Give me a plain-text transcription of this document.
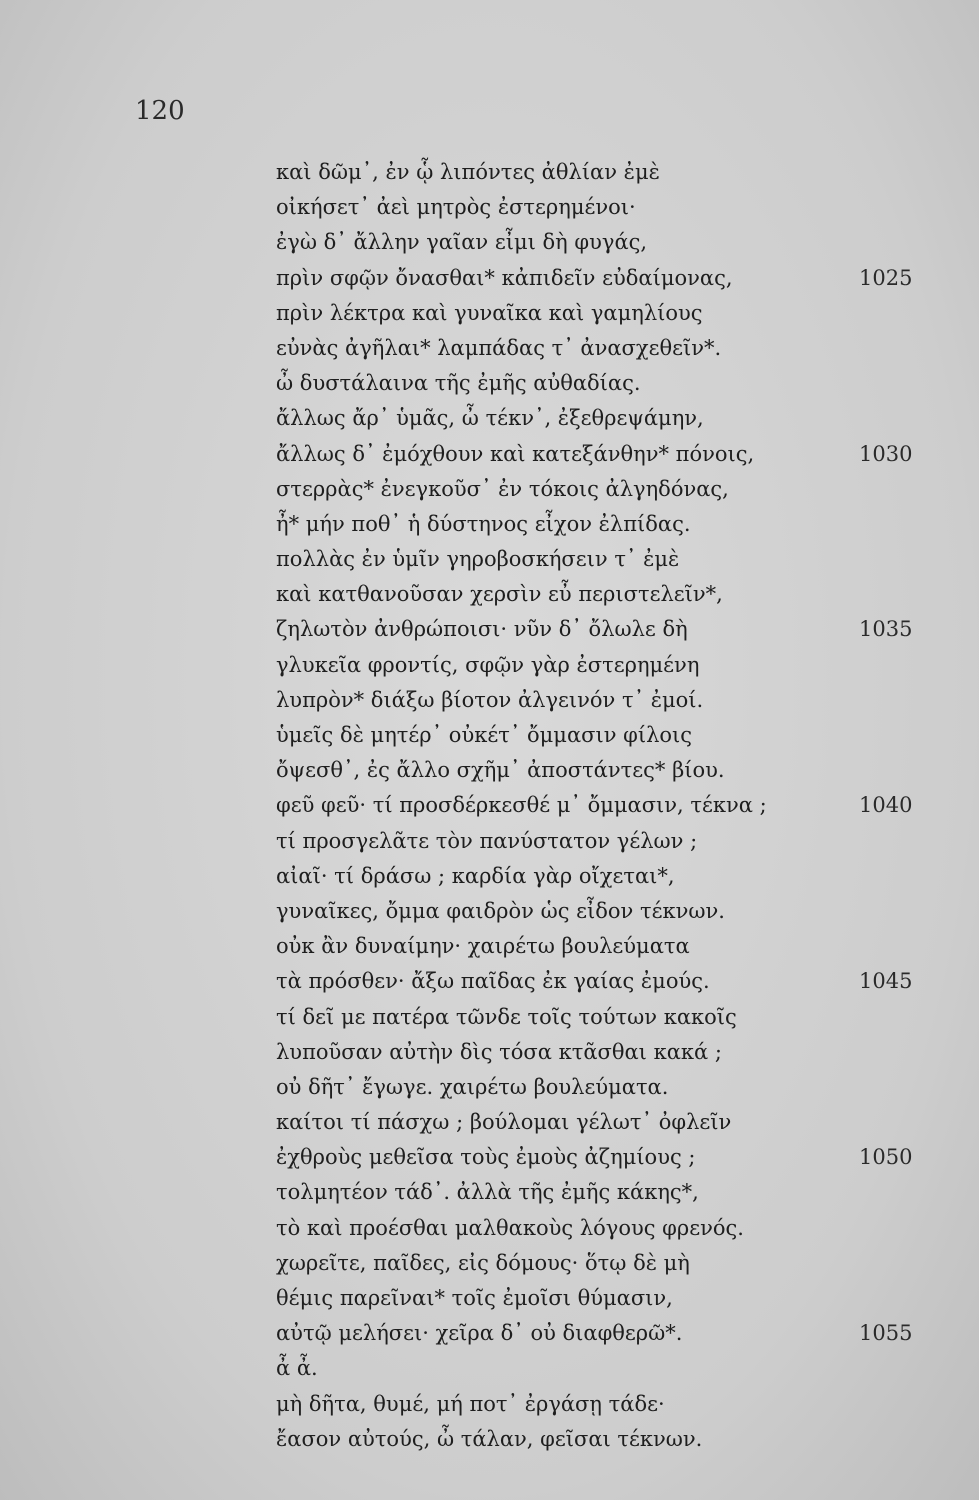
120
καὶ δῶμ᾽, ἐν ᾧ λιπόντες ἀθλίαν ἐμὲ
οἰκήσετ᾽ ἀεὶ μητρὸς ἐστερημένοι·
ἐγὼ δ᾽ ἄλλην γαῖαν εἶμι δὴ φυγάς,
πρὶν σφῷν ὄνασθαι* κἀπιδεῖν εὐδαίμονας,	1025
πρὶν λέκτρα καὶ γυναῖκα καὶ γαμηλίους
εὐνὰς ἀγῆλαι* λαμπάδας τ᾽ ἀνασχεθεῖν*.
ὦ δυστάλαινα τῆς ἐμῆς αὐθαδίας.
ἄλλως ἄρ᾽ ὑμᾶς, ὦ τέκν᾽, ἐξεθρεψάμην,
ἄλλως δ᾽ ἐμόχθουν καὶ κατεξάνθην* πόνοις,	1030
στερρὰς* ἐνεγκοῦσ᾽ ἐν τόκοις ἀλγηδόνας,
ἦ* μήν ποθ᾽ ἡ δύστηνος εἶχον ἐλπίδας.
πολλὰς ἐν ὑμῖν γηροβοσκήσειν τ᾽ ἐμὲ
καὶ κατθανοῦσαν χερσὶν εὖ περιστελεῖν*,
ζηλωτὸν ἀνθρώποισι· νῦν δ᾽ ὄλωλε δὴ	1035
γλυκεῖα φροντίς, σφῷν γὰρ ἐστερημένη
λυπρὸν* διάξω βίοτον ἀλγεινόν τ᾽ ἐμοί.
ὑμεῖς δὲ μητέρ᾽ οὐκέτ᾽ ὄμμασιν φίλοις
ὄψεσθ᾽, ἐς ἄλλο σχῆμ᾽ ἀποστάντες* βίου.
φεῦ φεῦ· τί προσδέρκεσθέ μ᾽ ὄμμασιν, τέκνα ;	1040
τί προσγελᾶτε τὸν πανύστατον γέλων ;
αἰαῖ· τί δράσω ; καρδία γὰρ οἴχεται*,
γυναῖκες, ὄμμα φαιδρὸν ὡς εἶδον τέκνων.
οὐκ ἂν δυναίμην· χαιρέτω βουλεύματα
τὰ πρόσθεν· ἄξω παῖδας ἐκ γαίας ἐμούς.	1045
τί δεῖ με πατέρα τῶνδε τοῖς τούτων κακοῖς
λυποῦσαν αὐτὴν δὶς τόσα κτᾶσθαι κακά ;
οὐ δῆτ᾽ ἔγωγε. χαιρέτω βουλεύματα.
καίτοι τί πάσχω ; βούλομαι γέλωτ᾽ ὀφλεῖν
ἐχθροὺς μεθεῖσα τοὺς ἐμοὺς ἀζημίους ;	1050
τολμητέον τάδ᾽. ἀλλὰ τῆς ἐμῆς κάκης*,
τὸ καὶ προέσθαι μαλθακοὺς λόγους φρενός.
χωρεῖτε, παῖδες, εἰς δόμους· ὅτῳ δὲ μὴ
θέμις παρεῖναι* τοῖς ἐμοῖσι θύμασιν,
αὐτῷ μελήσει· χεῖρα δ᾽ οὐ διαφθερῶ*.	1055
ἆ ἆ.
μὴ δῆτα, θυμέ, μή ποτ᾽ ἐργάσῃ τάδε·
ἔασον αὐτούς, ὦ τάλαν, φεῖσαι τέκνων.
